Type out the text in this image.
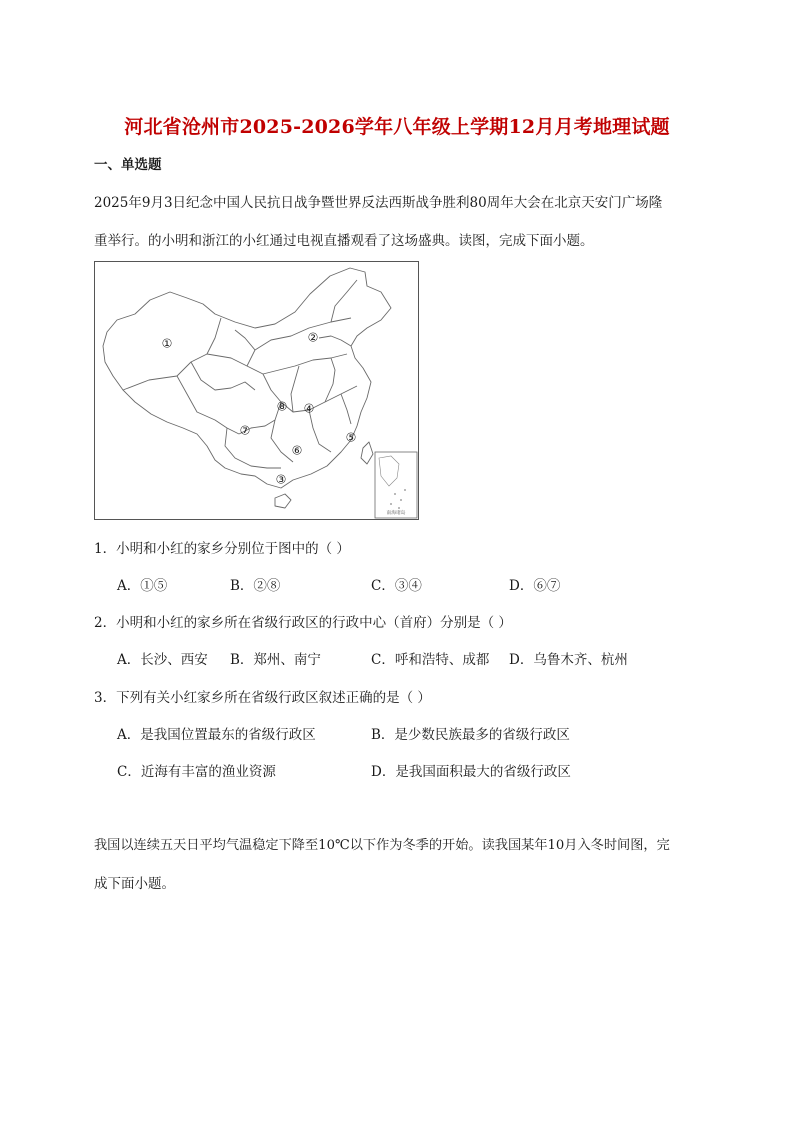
河北省沧州市2025-2026学年八年级上学期12月月考地理试题
一、单选题
2025年9月3日纪念中国人民抗日战争暨世界反法西斯战争胜利80周年大会在北京天安门广场隆
重举行。的小明和浙江的小红通过电视直播观看了这场盛典。读图，完成下面小题。
南海诸岛
①	②
③
④
⑤
⑥
⑦
⑧
1．小明和小红的家乡分别位于图中的（ ）
A．①⑤	B．②⑧	C．③④	D．⑥⑦
2．小明和小红的家乡所在省级行政区的行政中心（首府）分别是（ ）
A．长沙、西安 B．郑州、南宁	C．呼和浩特、成都 D．乌鲁木齐、杭州
3．下列有关小红家乡所在省级行政区叙述正确的是（ ）
A．是我国位置最东的省级行政区	B．是少数民族最多的省级行政区
C．近海有丰富的渔业资源	D．是我国面积最大的省级行政区
我国以连续五天日平均气温稳定下降至10℃以下作为冬季的开始。读我国某年10月入冬时间图，完
成下面小题。
